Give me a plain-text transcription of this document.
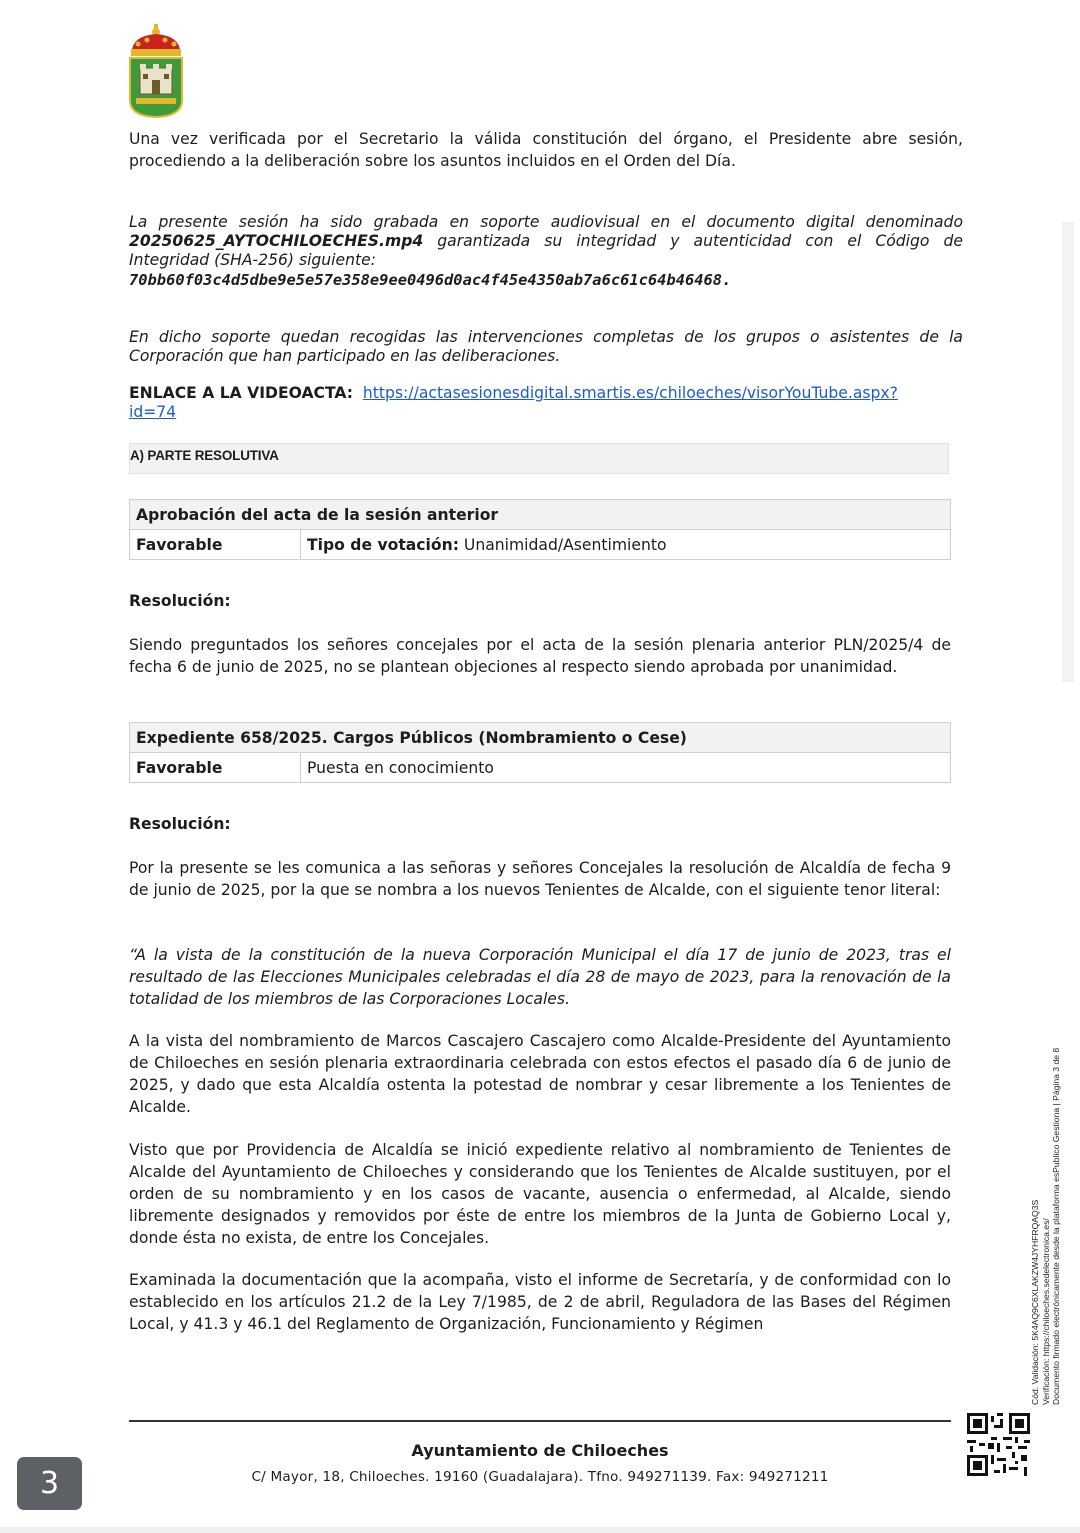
Una vez verificada por el Secretario la válida constitución del órgano, el Presidente abre sesión, procediendo a la deliberación sobre los asuntos incluidos en el Orden del Día.

La presente sesión ha sido grabada en soporte audiovisual en el documento digital denominado 20250625_AYTOCHILOECHES.mp4 garantizada su integridad y autenticidad con el Código de Integridad (SHA-256) siguiente:

70bb60f03c4d5dbe9e5e57e358e9ee0496d0ac4f45e4350ab7a6c61c64b46468.

En dicho soporte quedan recogidas las intervenciones completas de los grupos o asistentes de la Corporación que han participado en las deliberaciones.

ENLACE A LA VIDEOACTA: https://actasesionesdigital.smartis.es/chiloeches/visorYouTube.aspx?
id=74

A) PARTE RESOLUTIVA
Aprobación del acta de la sesión anterior
Favorable	Tipo de votación: Unanimidad/Asentimiento

Resolución:

Siendo preguntados los señores concejales por el acta de la sesión plenaria anterior PLN/2025/4 de fecha 6 de junio de 2025, no se plantean objeciones al respecto siendo aprobada por unanimidad.

Expediente 658/2025. Cargos Públicos (Nombramiento o Cese)
Favorable	Puesta en conocimiento

Resolución:

Por la presente se les comunica a las señoras y señores Concejales la resolución de Alcaldía de fecha 9 de junio de 2025, por la que se nombra a los nuevos Tenientes de Alcalde, con el siguiente tenor literal:

“A la vista de la constitución de la nueva Corporación Municipal el día 17 de junio de 2023, tras el resultado de las Elecciones Municipales celebradas el día 28 de mayo de 2023, para la renovación de la totalidad de los miembros de las Corporaciones Locales.

A la vista del nombramiento de Marcos Cascajero Cascajero como Alcalde-Presidente del Ayuntamiento de Chiloeches en sesión plenaria extraordinaria celebrada con estos efectos el pasado día 6 de junio de 2025, y dado que esta Alcaldía ostenta la potestad de nombrar y cesar libremente a los Tenientes de Alcalde.

Visto que por Providencia de Alcaldía se inició expediente relativo al nombramiento de Tenientes de Alcalde del Ayuntamiento de Chiloeches y considerando que los Tenientes de Alcalde sustituyen, por el orden de su nombramiento y en los casos de vacante, ausencia o enfermedad, al Alcalde, siendo libremente designados y removidos por éste de entre los miembros de la Junta de Gobierno Local y, donde ésta no exista, de entre los Concejales.

Examinada la documentación que la acompaña, visto el informe de Secretaría, y de conformidad con lo establecido en los artículos 21.2 de la Ley 7/1985, de 2 de abril, Reguladora de las Bases del Régimen Local, y 41.3 y 46.1 del Reglamento de Organización, Funcionamiento y Régimen

Ayuntamiento de Chiloeches
C/ Mayor, 18, Chiloeches. 19160 (Guadalajara). Tfno. 949271139. Fax: 949271211
Cód. Validación: 5K4AQ9C6XLAKZW4JYHFRQAQ3S Verificación: https://chiloeches.sedelectronica.es/ Documento firmado electrónicamente desde la plataforma esPublico Gestiona | Página 3 de 8
3
